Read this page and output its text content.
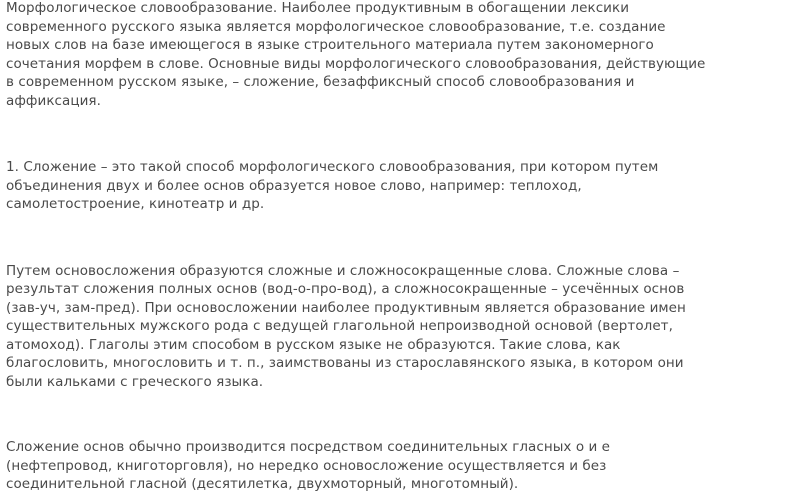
Морфологическое словообразование. Наиболее продуктивным в обогащении лексики
современного русского языка является морфологическое словообразование, т.е. создание
новых слов на базе имеющегося в языке строительного материала путем закономерного
сочетания морфем в слове. Основные виды морфологического словообразования, действующие
в современном русском языке, – сложение, безаффиксный способ словообразования и
аффиксация.

1. Сложение – это такой способ морфологического словообразования, при котором путем
объединения двух и более основ образуется новое слово, например: теплоход,
самолетостроение, кинотеатр и др.

Путем основосложения образуются сложные и сложносокращенные слова. Сложные слова –
результат сложения полных основ (вод-о-про-вод), а сложносокращенные – усечённых основ
(зав-уч, зам-пред). При основосложении наиболее продуктивным является образование имен
существительных мужского рода с ведущей глагольной непроизводной основой (вертолет,
атомоход). Глаголы этим способом в русском языке не образуются. Такие слова, как
благословить, многословить и т. п., заимствованы из старославянского языка, в котором они
были кальками с греческого языка.

Сложение основ обычно производится посредством соединительных гласных о и е
(нефтепровод, книготорговля), но нередко основосложение осуществляется и без
соединительной гласной (десятилетка, двухмоторный, многотомный).
